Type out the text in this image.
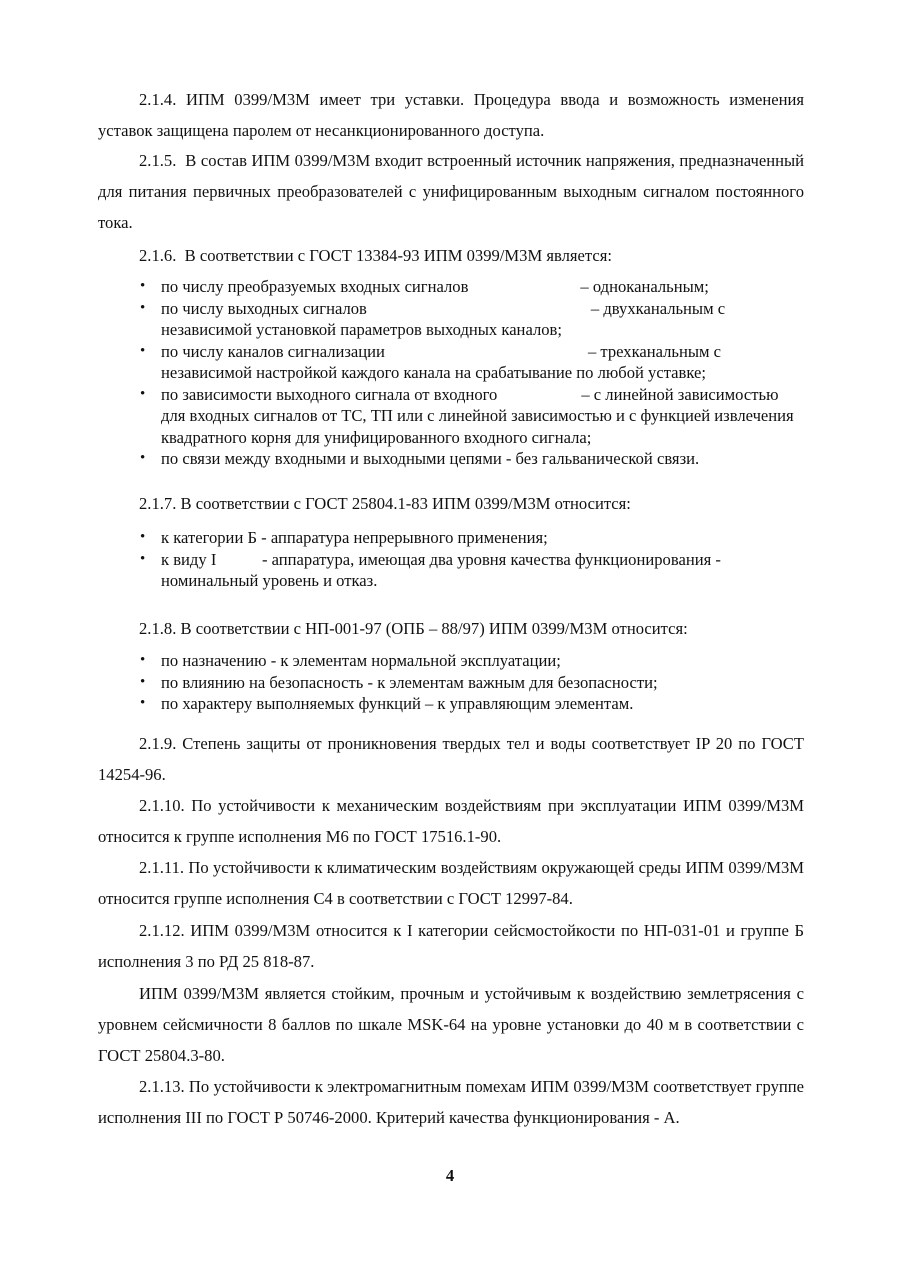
2.1.4. ИПМ 0399/М3М имеет три уставки. Процедура ввода и возможность изменения уставок защищена паролем от несанкционированного доступа.

2.1.5.  В состав ИПМ 0399/М3М входит встроенный источник напряжения, предназначенный для питания первичных преобразователей с унифицированным выходным сигналом постоянного тока.

2.1.6.  В соответствии с ГОСТ 13384-93 ИПМ 0399/М3М является:

• по числу преобразуемых входных сигналов	– одноканальным;
• по числу выходных сигналов	– двухканальным с независимой установкой параметров выходных каналов;
• по числу каналов сигнализации	– трехканальным с независимой настройкой каждого канала на срабатывание по любой уставке;
• по зависимости выходного сигнала от входного	– с линейной зависимостью для входных сигналов от ТС, ТП или с линейной зависимостью и с функцией извлечения квадратного корня для унифицированного входного сигнала;
• по связи между входными и выходными цепями - без гальванической связи.

2.1.7. В соответствии с ГОСТ 25804.1-83 ИПМ 0399/М3М относится:

• к категории Б - аппаратура непрерывного применения;
• к виду I           - аппаратура, имеющая два уровня качества функционирования - номинальный уровень и отказ.

2.1.8. В соответствии с НП-001-97 (ОПБ – 88/97) ИПМ 0399/М3М относится:

• по назначению - к элементам нормальной эксплуатации;
• по влиянию на безопасность - к элементам важным для безопасности;
• по характеру выполняемых функций – к управляющим элементам.

2.1.9. Степень защиты от проникновения твердых тел и воды соответствует IP 20 по ГОСТ 14254-96.

2.1.10. По устойчивости к механическим воздействиям при эксплуатации ИПМ 0399/М3М относится к группе исполнения М6 по ГОСТ 17516.1-90.

2.1.11. По устойчивости к климатическим воздействиям окружающей среды ИПМ 0399/М3М относится группе исполнения С4 в соответствии с ГОСТ 12997-84.

2.1.12. ИПМ 0399/М3М относится к I категории сейсмостойкости по НП-031-01 и группе Б исполнения 3 по РД 25 818-87.

ИПМ 0399/М3М является стойким, прочным и устойчивым к воздействию землетрясения с уровнем сейсмичности 8 баллов по шкале MSK-64 на уровне установки до 40 м в соответствии с ГОСТ 25804.3-80.

2.1.13. По устойчивости к электромагнитным помехам ИПМ 0399/М3М соответствует группе исполнения III по ГОСТ Р 50746-2000. Критерий качества функционирования - А.

4
